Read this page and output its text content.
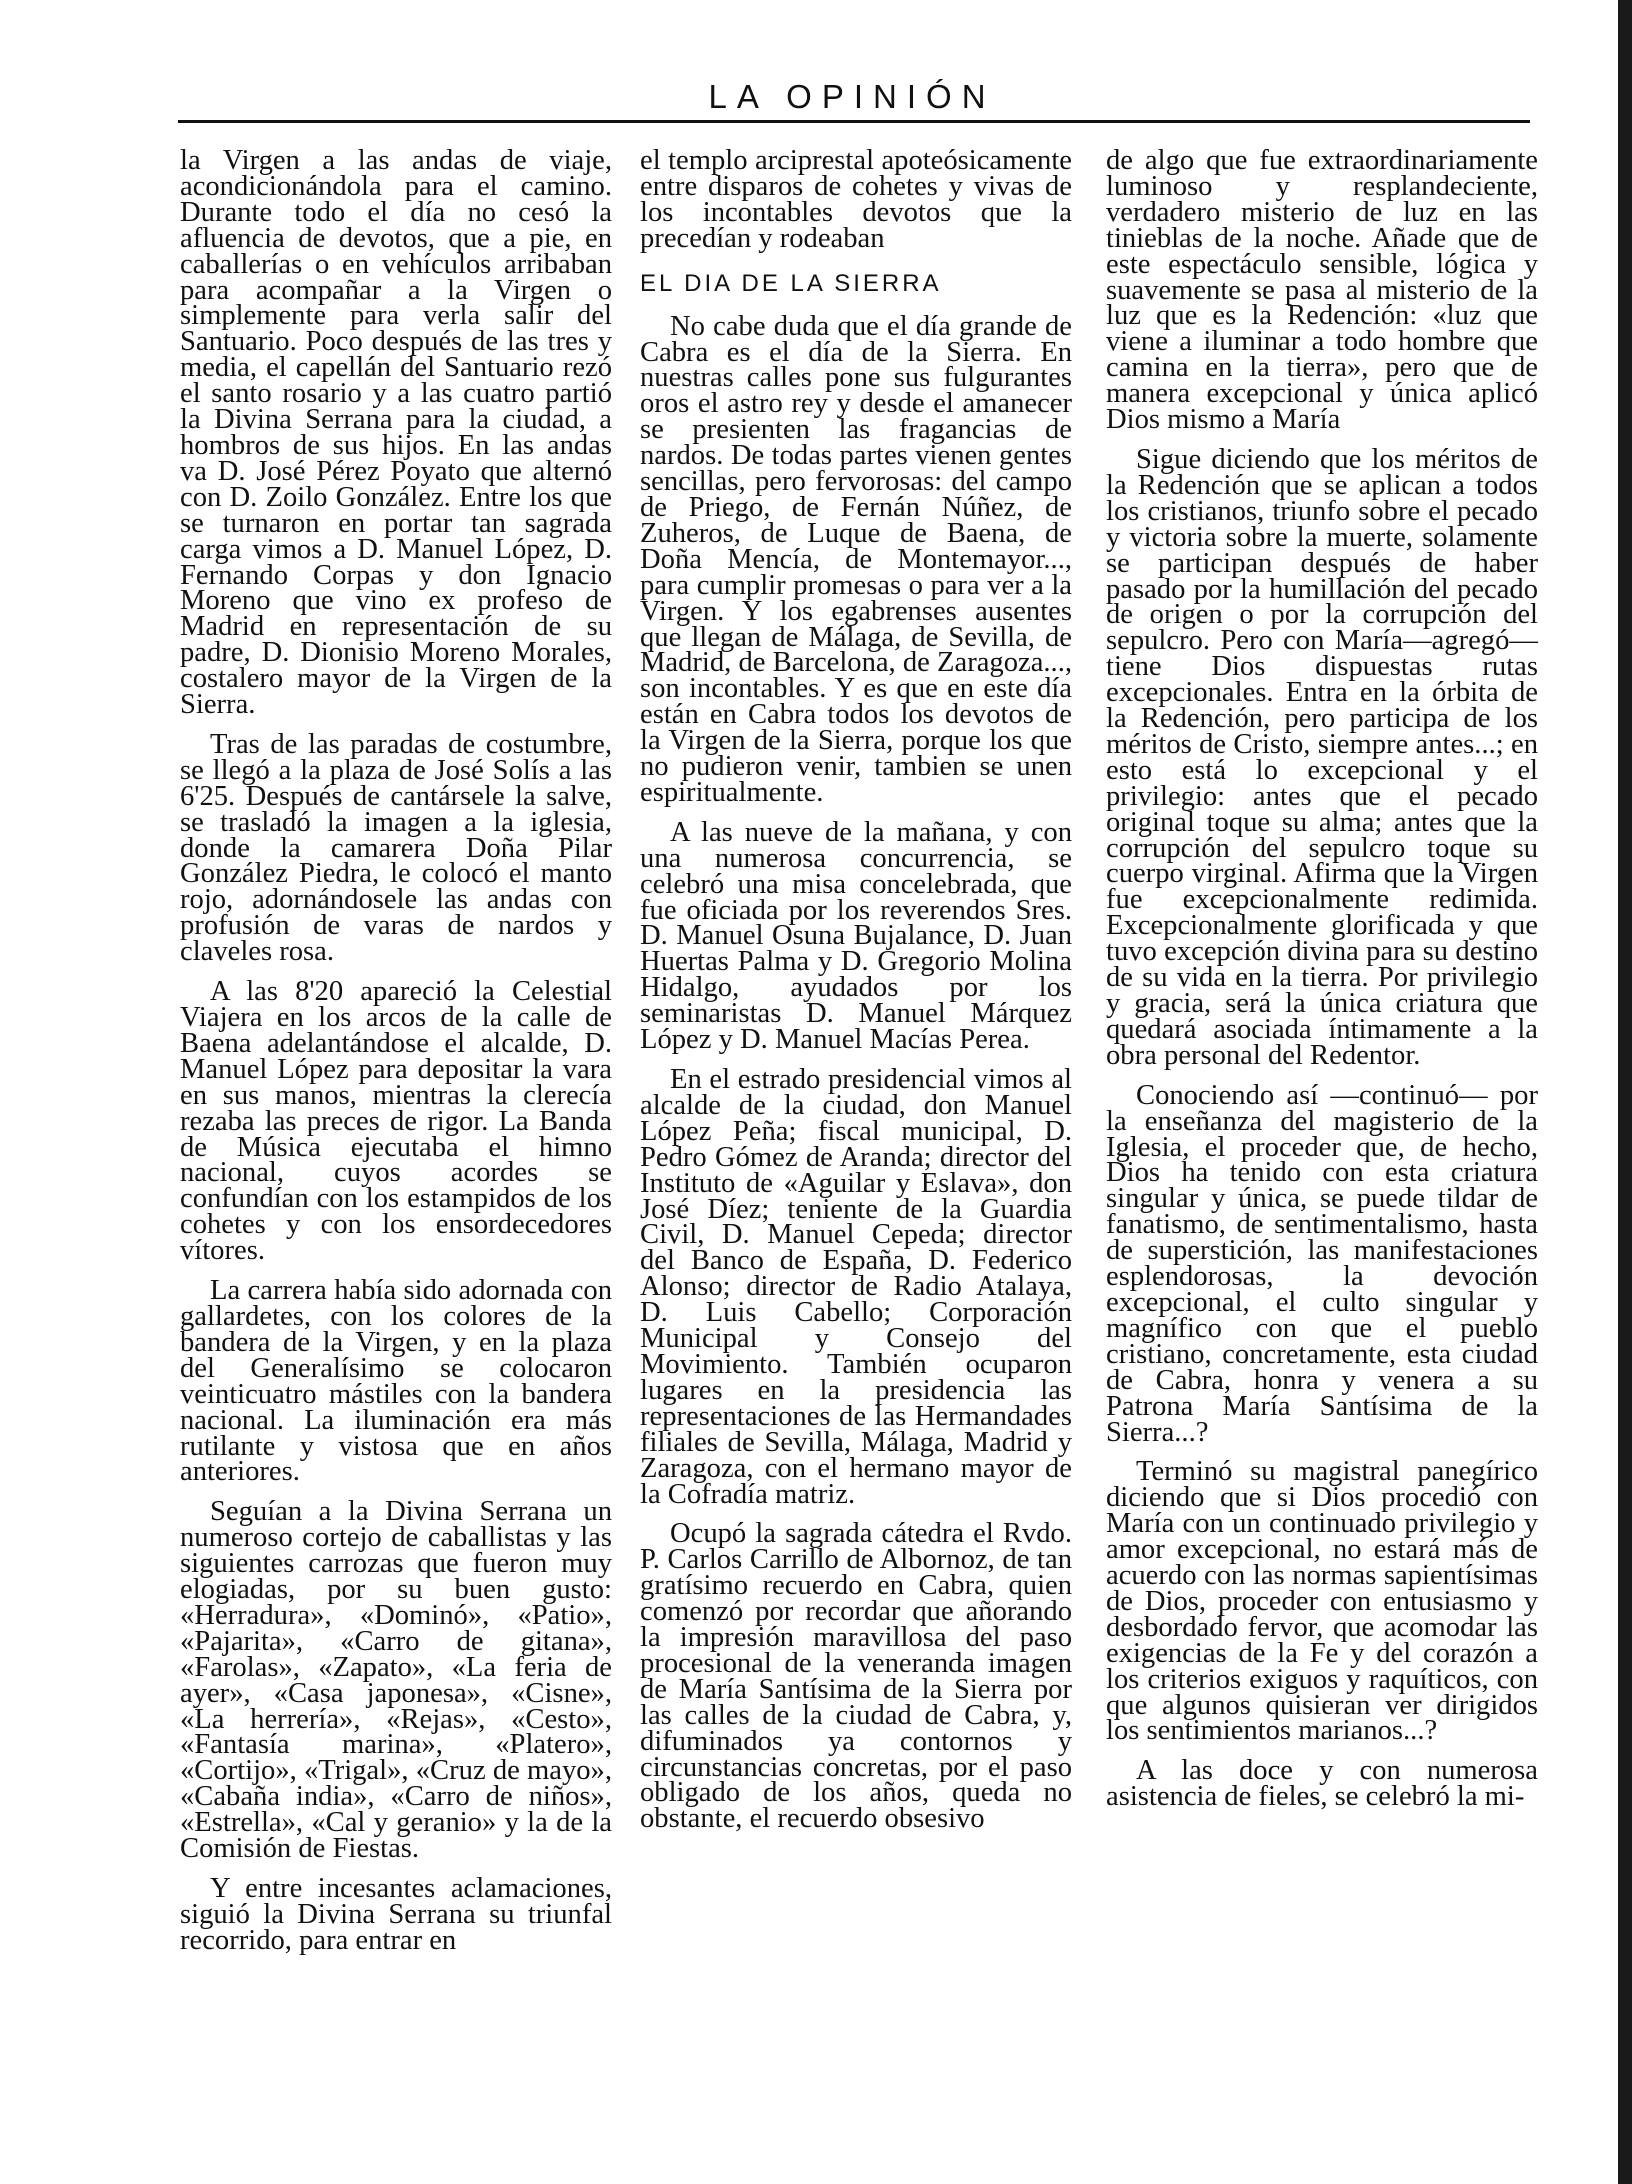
LA OPINIÓN

la Virgen a las andas de viaje, acondicionándola para el camino. Durante todo el día no cesó la afluencia de devotos, que a pie, en caballerías o en vehículos arribaban para acompañar a la Virgen o simplemente para verla salir del Santuario. Poco después de las tres y media, el capellán del Santuario rezó el santo rosario y a las cuatro partió la Divina Serrana para la ciudad, a hombros de sus hijos. En las andas va D. José Pérez Poyato que alternó con D. Zoilo González. Entre los que se turnaron en portar tan sagrada carga vimos a D. Manuel López, D. Fernando Corpas y don Ignacio Moreno que vino ex profeso de Madrid en representación de su padre, D. Dionisio Moreno Morales, costalero mayor de la Virgen de la Sierra.

Tras de las paradas de costumbre, se llegó a la plaza de José Solís a las 6'25. Después de cantársele la salve, se trasladó la imagen a la iglesia, donde la camarera Doña Pilar González Piedra, le colocó el manto rojo, adornándosele las andas con profusión de varas de nardos y claveles rosa.

A las 8'20 apareció la Celestial Viajera en los arcos de la calle de Baena adelantándose el alcalde, D. Manuel López para depositar la vara en sus manos, mientras la clerecía rezaba las preces de rigor. La Banda de Música ejecutaba el himno nacional, cuyos acordes se confundían con los estampidos de los cohetes y con los ensordecedores vítores.

La carrera había sido adornada con gallardetes, con los colores de la bandera de la Virgen, y en la plaza del Generalísimo se colocaron veinticuatro mástiles con la bandera nacional. La iluminación era más rutilante y vistosa que en años anteriores.

Seguían a la Divina Serrana un numeroso cortejo de caballistas y las siguientes carrozas que fueron muy elogiadas, por su buen gusto: «Herradura», «Dominó», «Patio», «Pajarita», «Carro de gitana», «Farolas», «Zapato», «La feria de ayer», «Casa japonesa», «Cisne», «La herrería», «Rejas», «Cesto», «Fantasía marina», «Platero», «Cortijo», «Trigal», «Cruz de mayo», «Cabaña india», «Carro de niños», «Estrella», «Cal y geranio» y la de la Comisión de Fiestas.

Y entre incesantes aclamaciones, siguió la Divina Serrana su triunfal recorrido, para entrar en

el templo arciprestal apoteósicamente entre disparos de cohetes y vivas de los incontables devotos que la precedían y rodeaban

EL DIA DE LA SIERRA

No cabe duda que el día grande de Cabra es el día de la Sierra. En nuestras calles pone sus fulgurantes oros el astro rey y desde el amanecer se presienten las fragancias de nardos. De todas partes vienen gentes sencillas, pero fervorosas: del campo de Priego, de Fernán Núñez, de Zuheros, de Luque de Baena, de Doña Mencía, de Montemayor..., para cumplir promesas o para ver a la Virgen. Y los egabrenses ausentes que llegan de Málaga, de Sevilla, de Madrid, de Barcelona, de Zaragoza..., son incontables. Y es que en este día están en Cabra todos los devotos de la Virgen de la Sierra, porque los que no pudieron venir, tambien se unen espiritualmente.

A las nueve de la mañana, y con una numerosa concurrencia, se celebró una misa concelebrada, que fue oficiada por los reverendos Sres. D. Manuel Osuna Bujalance, D. Juan Huertas Palma y D. Gregorio Molina Hidalgo, ayudados por los seminaristas D. Manuel Márquez López y D. Manuel Macías Perea.

En el estrado presidencial vimos al alcalde de la ciudad, don Manuel López Peña; fiscal municipal, D. Pedro Gómez de Aranda; director del Instituto de «Aguilar y Eslava», don José Díez; teniente de la Guardia Civil, D. Manuel Cepeda; director del Banco de España, D. Federico Alonso; director de Radio Atalaya, D. Luis Cabello; Corporación Municipal y Consejo del Movimiento. También ocuparon lugares en la presidencia las representaciones de las Hermandades filiales de Sevilla, Málaga, Madrid y Zaragoza, con el hermano mayor de la Cofradía matriz.

Ocupó la sagrada cátedra el Rvdo. P. Carlos Carrillo de Albornoz, de tan gratísimo recuerdo en Cabra, quien comenzó por recordar que añorando la impresión maravillosa del paso procesional de la veneranda imagen de María Santísima de la Sierra por las calles de la ciudad de Cabra, y, difuminados ya contornos y circunstancias concretas, por el paso obligado de los años, queda no obstante, el recuerdo obsesivo

de algo que fue extraordinariamente luminoso y resplandeciente, verdadero misterio de luz en las tinieblas de la noche. Añade que de este espectáculo sensible, lógica y suavemente se pasa al misterio de la luz que es la Redención: «luz que viene a iluminar a todo hombre que camina en la tierra», pero que de manera excepcional y única aplicó Dios mismo a María

Sigue diciendo que los méritos de la Redención que se aplican a todos los cristianos, triunfo sobre el pecado y victoria sobre la muerte, solamente se participan después de haber pasado por la humillación del pecado de origen o por la corrupción del sepulcro. Pero con María—agregó—tiene Dios dispuestas rutas excepcionales. Entra en la órbita de la Redención, pero participa de los méritos de Cristo, siempre antes...; en esto está lo excepcional y el privilegio: antes que el pecado original toque su alma; antes que la corrupción del sepulcro toque su cuerpo virginal. Afirma que la Virgen fue excepcionalmente redimida. Excepcionalmente glorificada y que tuvo excepción divina para su destino de su vida en la tierra. Por privilegio y gracia, será la única criatura que quedará asociada íntimamente a la obra personal del Redentor.

Conociendo así —continuó— por la enseñanza del magisterio de la Iglesia, el proceder que, de hecho, Dios ha tenido con esta criatura singular y única, se puede tildar de fanatismo, de sentimentalismo, hasta de superstición, las manifestaciones esplendorosas, la devoción excepcional, el culto singular y magnífico con que el pueblo cristiano, concretamente, esta ciudad de Cabra, honra y venera a su Patrona María Santísima de la Sierra...?

Terminó su magistral panegírico diciendo que si Dios procedió con María con un continuado privilegio y amor excepcional, no estará más de acuerdo con las normas sapientísimas de Dios, proceder con entusiasmo y desbordado fervor, que acomodar las exigencias de la Fe y del corazón a los criterios exiguos y raquíticos, con que algunos quisieran ver dirigidos los sentimientos marianos...?

A las doce y con numerosa asistencia de fieles, se celebró la mi-
